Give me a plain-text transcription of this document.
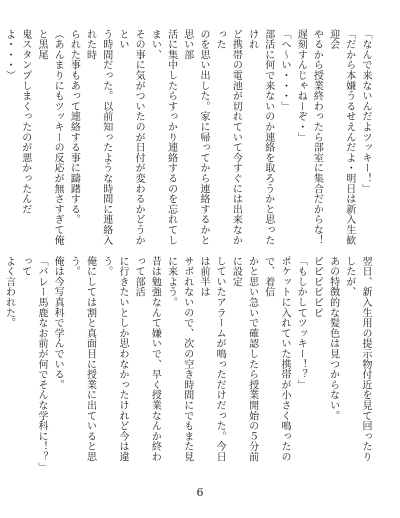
「なんで来ないんだよツッキー！」

「だから本嫌うるせえんだよ・明日は新入生歓迎会

やるから授業終わったら部室に集合だからな！

遅刻すんじゃねーぞ・」

「へ〜い・・・」

部活に何で来ないのか連絡を取ろうかと思ったけれ

ど携帯の電池が切れていて今すぐには出来なかった

のを思い出した。家に帰ってから連絡するかと思い部

活に集中したらすっかり連絡するのを忘れてしまい、

その事に気がついたのが日付が変わるかどうかとい

う時間だった。以前知ったような時間に連絡入れた時

られた事もあって連絡する事に躊躇する。

（あんまりにもツッキーの反応が無さすぎて俺と黒尾

鬼スタンプしまくったのが悪かったんだよ・・・）

翌日、新入生用の提示物付近を見て回ったりしたが、

あの特徴的な髪色は見つからない。

ピピピピピピ

「もしかしてツッキー！？」

ポケットに入れていた携帯が小さく鳴ったので、着信

かと思い急いで確認したら授業開始の５分前に設定

していたアラームが鳴っただけだった。今日は前半は

サボれないので、次の空き時間にでもまた見に来よう。

昔は勉強なんて嫌いで、早く授業なんか終わって部活

に行きたいとしか思わなかったけれど今は違う。

俺にしては割と真面目に授業に出ていると思う。

俺は今写真科で学んでいる。

「バレー馬鹿なお前が何でそんな学科に！？」って

よく言われた。

6
